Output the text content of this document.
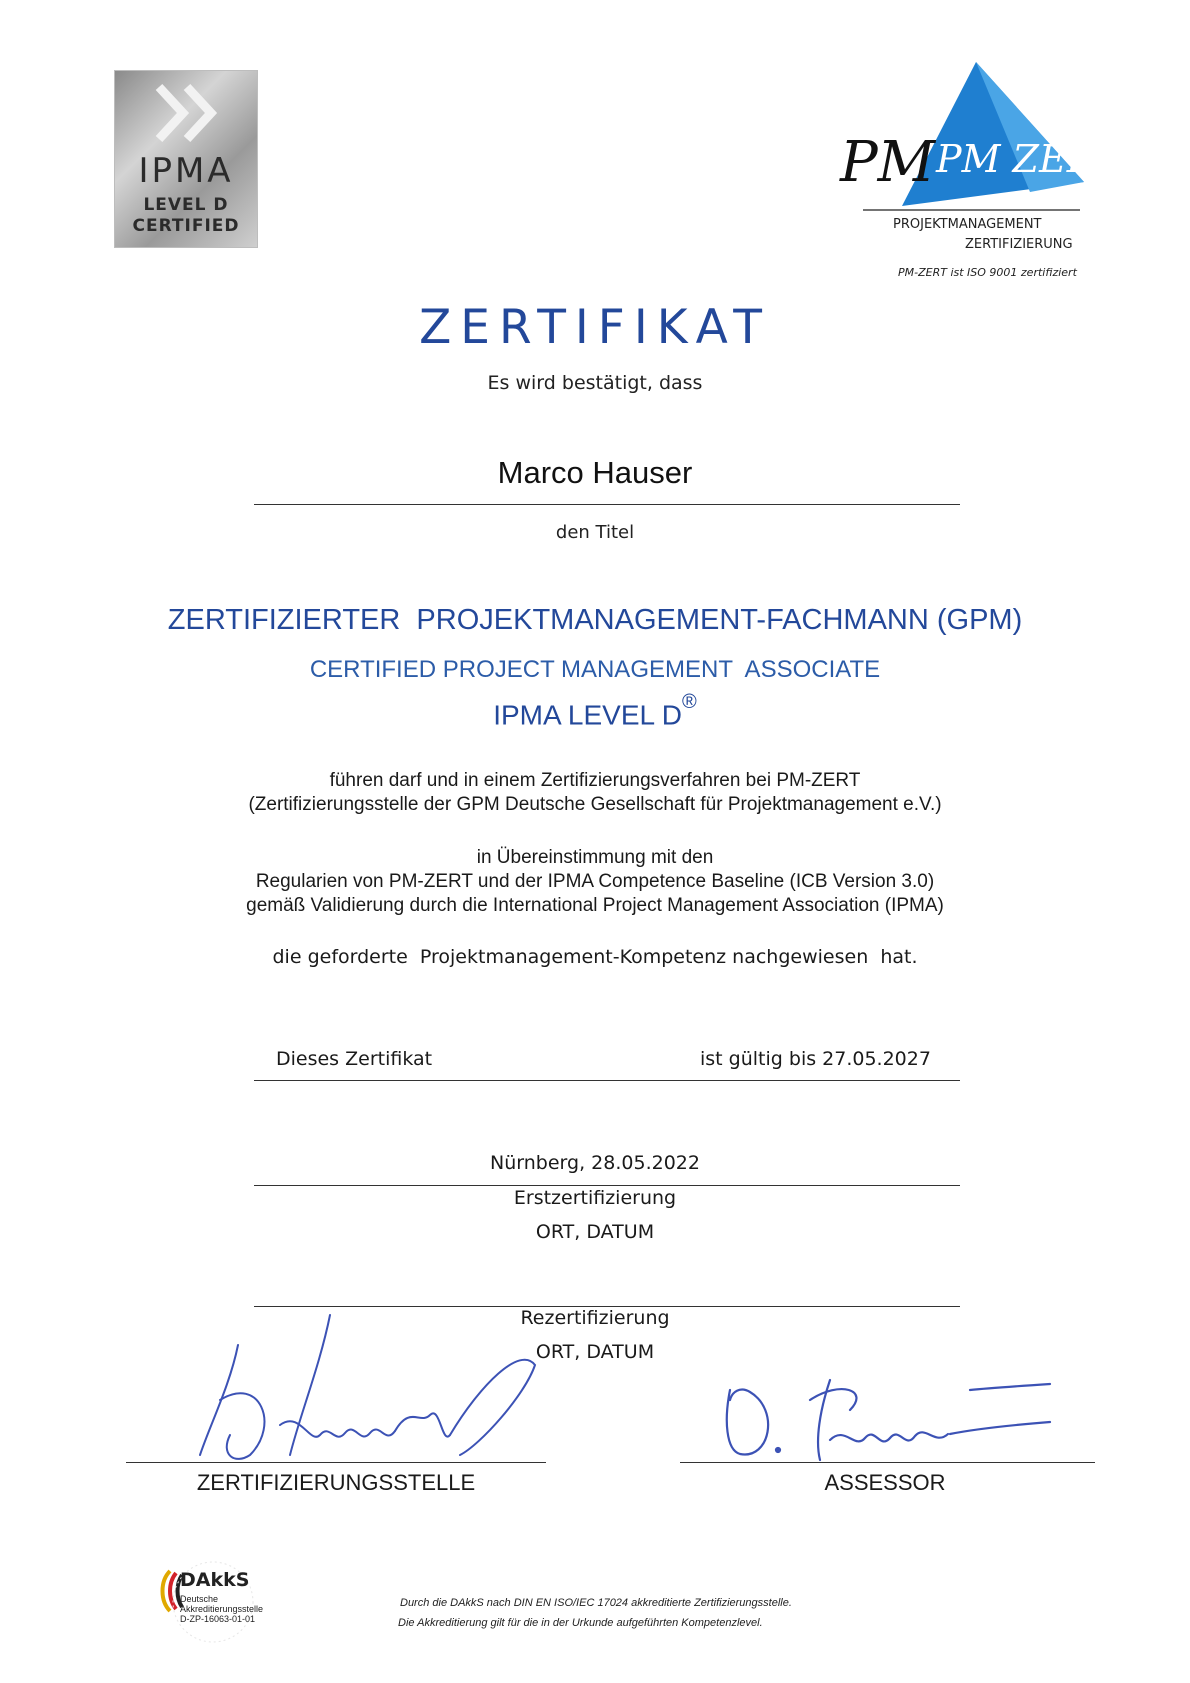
IPMA
LEVEL D
CERTIFIED
PM PM ZERT
PROJEKTMANAGEMENT
ZERTIFIZIERUNG
PM-ZERT ist ISO 9001 zertifiziert
ZERTIFIKAT
Es wird bestätigt, dass
Marco Hauser
den Titel
ZERTIFIZIERTER  PROJEKTMANAGEMENT-FACHMANN (GPM)
CERTIFIED PROJECT MANAGEMENT  ASSOCIATE
IPMA LEVEL D®
führen darf und in einem Zertifizierungsverfahren bei PM-ZERT
(Zertifizierungsstelle der GPM Deutsche Gesellschaft für Projektmanagement e.V.)
in Übereinstimmung mit den
Regularien von PM-ZERT und der IPMA Competence Baseline (ICB Version 3.0)
gemäß Validierung durch die International Project Management Association (IPMA)
die geforderte  Projektmanagement-Kompetenz nachgewiesen  hat.
Dieses Zertifikat	ist gültig bis 27.05.2027
Nürnberg, 28.05.2022
Erstzertifizierung
ORT, DATUM
Rezertifizierung
ORT, DATUM
ZERTIFIZIERUNGSSTELLE	ASSESSOR
DAkkS
Deutsche
Akkreditierungsstelle
D-ZP-16063-01-01
Durch die DAkkS nach DIN EN ISO/IEC 17024 akkreditierte Zertifizierungsstelle.
Die Akkreditierung gilt für die in der Urkunde aufgeführten Kompetenzlevel.
